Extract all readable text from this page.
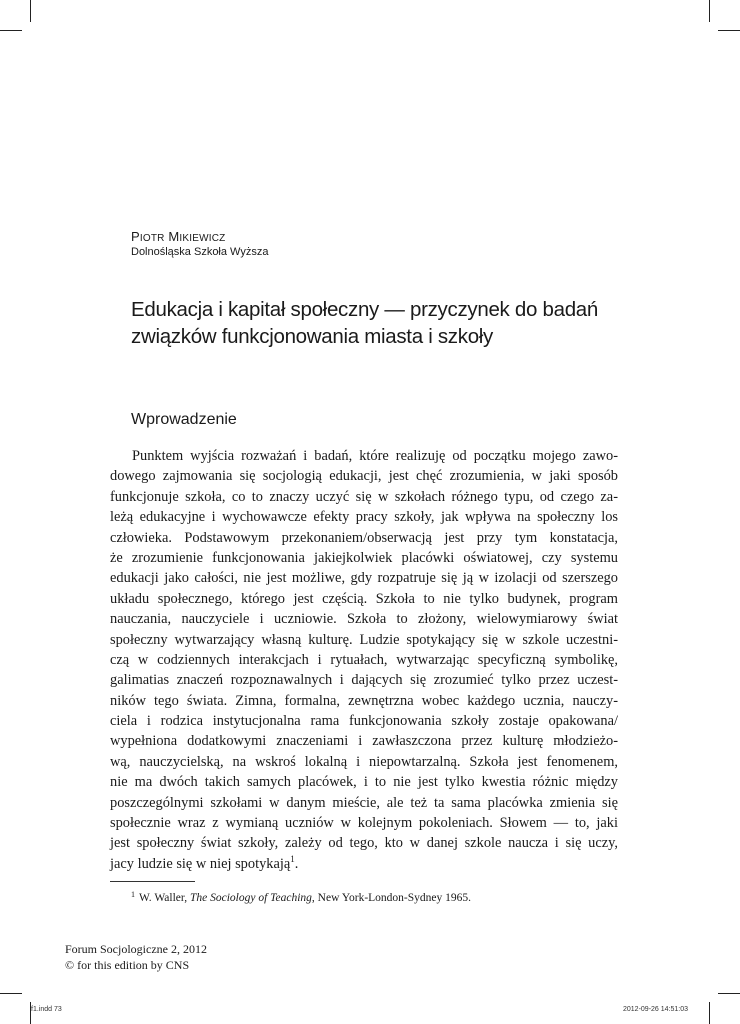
PIOTR MIKIEWICZ
Dolnośląska Szkoła Wyższa
Edukacja i kapitał społeczny — przyczynek do badań
związków funkcjonowania miasta i szkoły
Wprowadzenie
Punktem wyjścia rozważań i badań, które realizuję od początku mojego zawo-
dowego zajmowania się socjologią edukacji, jest chęć zrozumienia, w jaki sposób
funkcjonuje szkoła, co to znaczy uczyć się w szkołach różnego typu, od czego za-
leżą edukacyjne i wychowawcze efekty pracy szkoły, jak wpływa na społeczny los
człowieka. Podstawowym przekonaniem/obserwacją jest przy tym konstatacja,
że zrozumienie funkcjonowania jakiejkolwiek placówki oświatowej, czy systemu
edukacji jako całości, nie jest możliwe, gdy rozpatruje się ją w izolacji od szerszego
układu społecznego, którego jest częścią. Szkoła to nie tylko budynek, program
nauczania, nauczyciele i uczniowie. Szkoła to złożony, wielowymiarowy świat
społeczny wytwarzający własną kulturę. Ludzie spotykający się w szkole uczestni-
czą w codziennych interakcjach i rytuałach, wytwarzając specyficzną symbolikę,
galimatias znaczeń rozpoznawalnych i dających się zrozumieć tylko przez uczest-
ników tego świata. Zimna, formalna, zewnętrzna wobec każdego ucznia, nauczy-
ciela i rodzica instytucjonalna rama funkcjonowania szkoły zostaje opakowana/
wypełniona dodatkowymi znaczeniami i zawłaszczona przez kulturę młodzieżo-
wą, nauczycielską, na wskroś lokalną i niepowtarzalną. Szkoła jest fenomenem,
nie ma dwóch takich samych placówek, i to nie jest tylko kwestia różnic między
poszczególnymi szkołami w danym mieście, ale też ta sama placówka zmienia się
społecznie wraz z wymianą uczniów w kolejnym pokoleniach. Słowem — to, jaki
jest społeczny świat szkoły, zależy od tego, kto w danej szkole naucza i się uczy,
jacy ludzie się w niej spotykają$^1$.
$^1$ W. Waller, The Sociology of Teaching, New York-London-Sydney 1965.
Forum Socjologiczne 2, 2012
© for this edition by CNS
f1.indd 73	2012-09-26 14:51:03
